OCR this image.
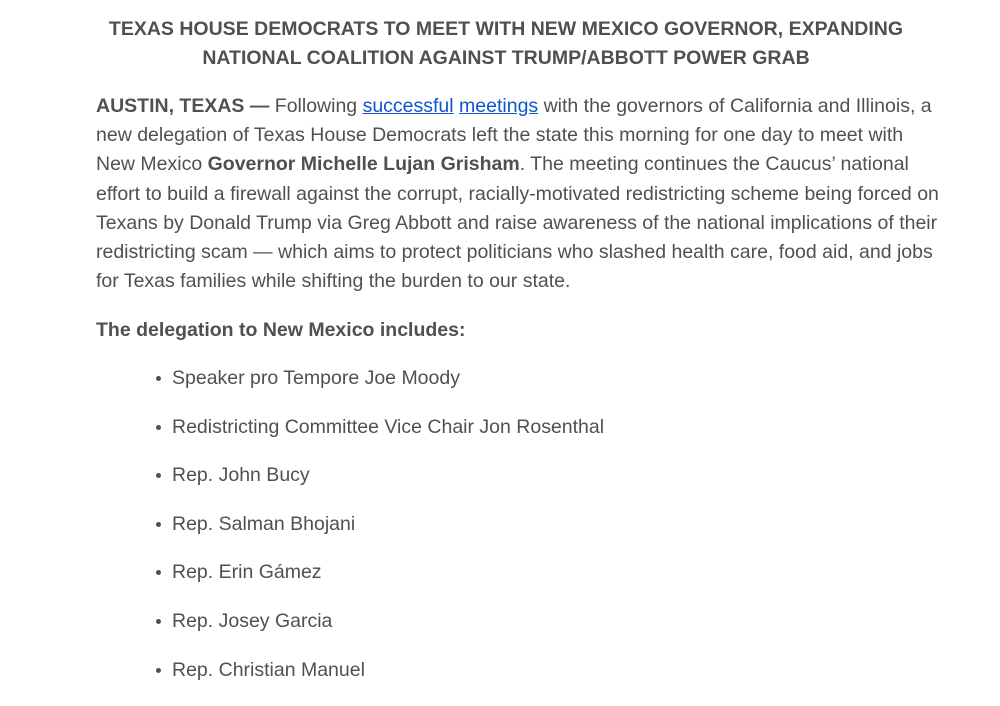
TEXAS HOUSE DEMOCRATS TO MEET WITH NEW MEXICO GOVERNOR, EXPANDING
NATIONAL COALITION AGAINST TRUMP/ABBOTT POWER GRAB

AUSTIN, TEXAS — Following successful meetings with the governors of California and Illinois, a new delegation of Texas House Democrats left the state this morning for one day to meet with New Mexico Governor Michelle Lujan Grisham. The meeting continues the Caucus’ national effort to build a firewall against the corrupt, racially-motivated redistricting scheme being forced on Texans by Donald Trump via Greg Abbott and raise awareness of the national implications of their redistricting scam — which aims to protect politicians who slashed health care, food aid, and jobs for Texas families while shifting the burden to our state.

The delegation to New Mexico includes:

Speaker pro Tempore Joe Moody
Redistricting Committee Vice Chair Jon Rosenthal
Rep. John Bucy
Rep. Salman Bhojani
Rep. Erin Gámez
Rep. Josey Garcia
Rep. Christian Manuel
